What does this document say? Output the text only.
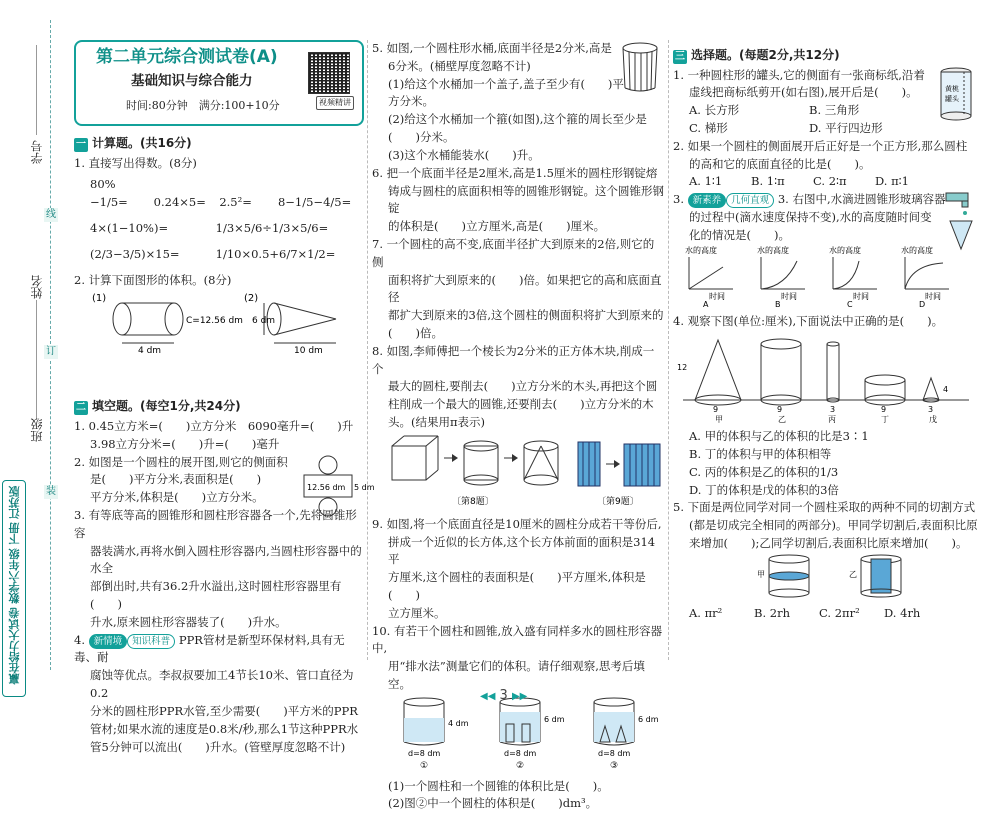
学号
姓名
班级
线
订
装
赢在给力大试卷 数学六年级 下册 江苏版
第二单元综合测试卷(A)
基础知识与综合能力
时间:80分钟　满分:100+10分	视频精讲
一 计算题。(共16分)

1. 直接写出得数。(8分)

80%−1/5= 0.24×5= 2.5²= 8−1/5−4/5=
4×(1−10%)=	1/3×5/6÷1/3×5/6=
(2/3−3/5)×15=	1/10×0.5+6/7×1/2=

2. 计算下面图形的体积。(8分)

(1)
C=12.56 dm
4 dm
(2)
6 dm
10 dm
二 填空题。(每空1分,共24分)

1. 0.45立方米=(　　)立方分米　6090毫升=(　　)升

3.98立方分米=(　　)升=(　　)毫升

2. 如图是一个圆柱的展开图,则它的侧面积

是(　　)平方分米,表面积是(　　)

平方分米,体积是(　　)立方分米。

12.56 dm 5 dm

3. 有等底等高的圆锥形和圆柱形容器各一个,先将圆锥形容

器装满水,再将水倒入圆柱形容器内,当圆柱形容器中的水全

部倒出时,共有36.2升水溢出,这时圆柱形容器里有(　　)

升水,原来圆柱形容器装了(　　)升水。

4. 新情境 知识科普 PPR管材是新型环保材料,具有无毒、耐

腐蚀等优点。李叔叔要加工4节长10米、管口直径为0.2

分米的圆柱形PPR水管,至少需要(　　)平方米的PPR

管材;如果水流的速度是0.8米/秒,那么1节这种PPR水

管5分钟可以流出(　　)升水。(管壁厚度忽略不计)

5. 如图,一个圆柱形水桶,底面半径是2分米,高是

6分米。(桶壁厚度忽略不计)

(1)给这个水桶加一个盖子,盖子至少有(　　)平

方分米。

(2)给这个水桶加一个箍(如图),这个箍的周长至少是

(　　)分米。

(3)这个水桶能装水(　　)升。

6. 把一个底面半径是2厘米,高是1.5厘米的圆柱形钢锭熔

铸成与圆柱的底面积相等的圆锥形钢锭。这个圆锥形钢锭

的体积是(　　)立方厘米,高是(　　)厘米。

7. 一个圆柱的高不变,底面半径扩大到原来的2倍,则它的侧

面积将扩大到原来的(　　)倍。如果把它的高和底面直径

都扩大到原来的3倍,这个圆柱的侧面积将扩大到原来的

(　　)倍。

8. 如图,李师傅把一个棱长为2分米的正方体木块,削成一个

最大的圆柱,要削去(　　)立方分米的木头,再把这个圆

柱削成一个最大的圆锥,还要削去(　　)立方分米的木

头。(结果用π表示)

〔第8题〕	〔第9题〕

9. 如图,将一个底面直径是10厘米的圆柱分成若干等份后,

拼成一个近似的长方体,这个长方体前面的面积是314平

方厘米,这个圆柱的表面积是(　　)平方厘米,体积是(　　)

立方厘米。

10. 有若干个圆柱和圆锥,放入盛有同样多水的圆柱形容器中,

用“排水法”测量它们的体积。请仔细观察,思考后填空。

4 dm
d=8 dm
①
6 dm
d=8 dm
②
6 dm
d=8 dm
③

(1)一个圆柱和一个圆锥的体积比是(　　)。

(2)图②中一个圆柱的体积是(　　)dm³。

三 选择题。(每题2分,共12分)

1. 一种圆柱形的罐头,它的侧面有一张商标纸,沿着

虚线把商标纸剪开(如右图),展开后是(　　)。

A. 长方形	B. 三角形
C. 梯形	D. 平行四边形
黄桃
罐头

2. 如果一个圆柱的侧面展开后正好是一个正方形,那么圆柱

的高和它的底面直径的比是(　　)。

A. 1∶1	B. 1∶π C. 2∶π D. π∶1

3. 新素养 几何直观 3. 右图中,水滴进圆锥形玻璃容器

的过程中(滴水速度保持不变),水的高度随时间变

化的情况是(　　)。

水的高度
时间
A
水的高度
时间
B
水的高度
时间
C
水的高度
时间
D

4. 观察下图(单位:厘米),下面说法中正确的是(　　)。

12
9
甲
9
乙
3
丙
9
丁
4
3
戊

A. 甲的体积与乙的体积的比是3∶1

B. 丁的体积与甲的体积相等

C. 丙的体积是乙的体积的1/3

D. 丁的体积是戊的体积的3倍

5. 下面是两位同学对同一个圆柱采取的两种不同的切割方式

(都是切成完全相同的两部分)。甲同学切割后,表面积比原

来增加(　　);乙同学切割后,表面积比原来增加(　　)。

甲	乙
A. πr²	B. 2rh	C. 2πr² D. 4rh
◀◀ 3 ▶▶
